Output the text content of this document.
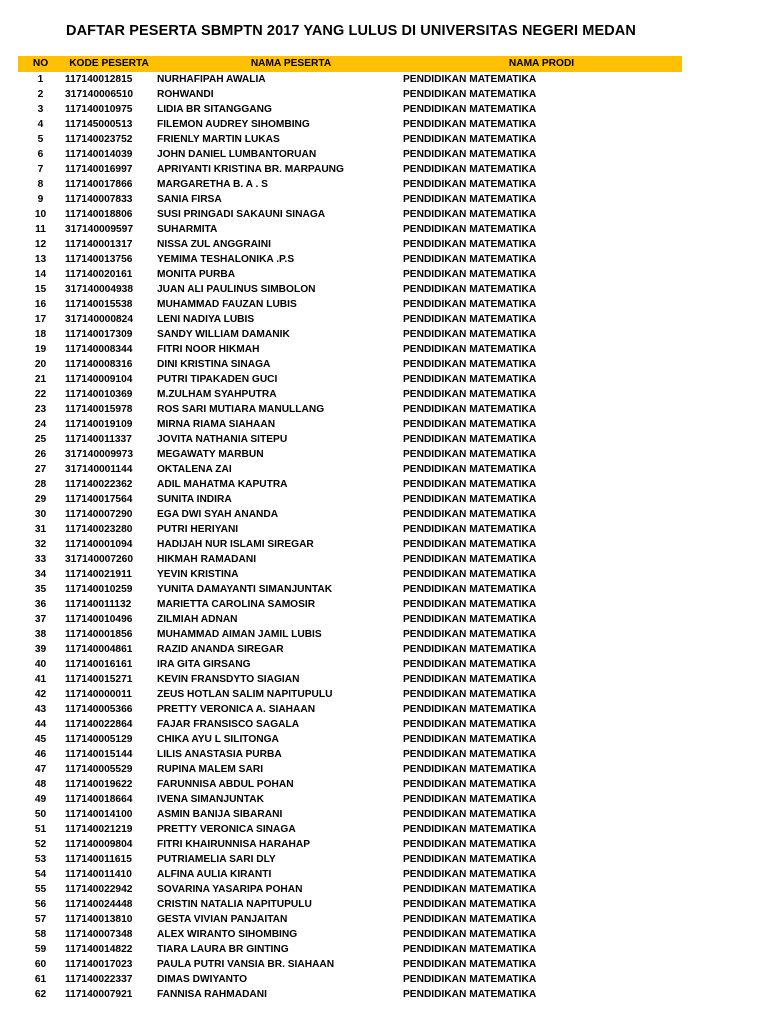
DAFTAR PESERTA SBMPTN 2017 YANG LULUS DI UNIVERSITAS NEGERI MEDAN
NO	KODE PESERTA	NAMA PESERTA	NAMA PRODI
1	117140012815	NURHAFIPAH AWALIA	PENDIDIKAN MATEMATIKA
2	317140006510	ROHWANDI	PENDIDIKAN MATEMATIKA
3	117140010975	LIDIA BR SITANGGANG	PENDIDIKAN MATEMATIKA
4	117145000513	FILEMON AUDREY SIHOMBING	PENDIDIKAN MATEMATIKA
5	117140023752	FRIENLY MARTIN LUKAS	PENDIDIKAN MATEMATIKA
6	117140014039	JOHN DANIEL LUMBANTORUAN	PENDIDIKAN MATEMATIKA
7	117140016997	APRIYANTI KRISTINA BR. MARPAUNG	PENDIDIKAN MATEMATIKA
8	117140017866	MARGARETHA B. A . S	PENDIDIKAN MATEMATIKA
9	117140007833	SANIA FIRSA	PENDIDIKAN MATEMATIKA
10	117140018806	SUSI PRINGADI SAKAUNI SINAGA	PENDIDIKAN MATEMATIKA
11	317140009597	SUHARMITA	PENDIDIKAN MATEMATIKA
12	117140001317	NISSA ZUL ANGGRAINI	PENDIDIKAN MATEMATIKA
13	117140013756	YEMIMA TESHALONIKA .P.S	PENDIDIKAN MATEMATIKA
14	117140020161	MONITA PURBA	PENDIDIKAN MATEMATIKA
15	317140004938	JUAN ALI PAULINUS SIMBOLON	PENDIDIKAN MATEMATIKA
16	117140015538	MUHAMMAD FAUZAN LUBIS	PENDIDIKAN MATEMATIKA
17	317140000824	LENI NADIYA LUBIS	PENDIDIKAN MATEMATIKA
18	117140017309	SANDY WILLIAM DAMANIK	PENDIDIKAN MATEMATIKA
19	117140008344	FITRI NOOR HIKMAH	PENDIDIKAN MATEMATIKA
20	117140008316	DINI KRISTINA SINAGA	PENDIDIKAN MATEMATIKA
21	117140009104	PUTRI TIPAKADEN GUCI	PENDIDIKAN MATEMATIKA
22	117140010369	M.ZULHAM SYAHPUTRA	PENDIDIKAN MATEMATIKA
23	117140015978	ROS SARI MUTIARA MANULLANG	PENDIDIKAN MATEMATIKA
24	117140019109	MIRNA RIAMA SIAHAAN	PENDIDIKAN MATEMATIKA
25	117140011337	JOVITA NATHANIA SITEPU	PENDIDIKAN MATEMATIKA
26	317140009973	MEGAWATY MARBUN	PENDIDIKAN MATEMATIKA
27	317140001144	OKTALENA ZAI	PENDIDIKAN MATEMATIKA
28	117140022362	ADIL MAHATMA KAPUTRA	PENDIDIKAN MATEMATIKA
29	117140017564	SUNITA INDIRA	PENDIDIKAN MATEMATIKA
30	117140007290	EGA DWI SYAH ANANDA	PENDIDIKAN MATEMATIKA
31	117140023280	PUTRI HERIYANI	PENDIDIKAN MATEMATIKA
32	117140001094	HADIJAH NUR ISLAMI SIREGAR	PENDIDIKAN MATEMATIKA
33	317140007260	HIKMAH RAMADANI	PENDIDIKAN MATEMATIKA
34	117140021911	YEVIN KRISTINA	PENDIDIKAN MATEMATIKA
35	117140010259	YUNITA DAMAYANTI SIMANJUNTAK	PENDIDIKAN MATEMATIKA
36	117140011132	MARIETTA CAROLINA SAMOSIR	PENDIDIKAN MATEMATIKA
37	117140010496	ZILMIAH ADNAN	PENDIDIKAN MATEMATIKA
38	117140001856	MUHAMMAD AIMAN JAMIL LUBIS	PENDIDIKAN MATEMATIKA
39	117140004861	RAZID ANANDA SIREGAR	PENDIDIKAN MATEMATIKA
40	117140016161	IRA GITA GIRSANG	PENDIDIKAN MATEMATIKA
41	117140015271	KEVIN FRANSDYTO SIAGIAN	PENDIDIKAN MATEMATIKA
42	117140000011	ZEUS HOTLAN SALIM NAPITUPULU	PENDIDIKAN MATEMATIKA
43	117140005366	PRETTY VERONICA A. SIAHAAN	PENDIDIKAN MATEMATIKA
44	117140022864	FAJAR FRANSISCO SAGALA	PENDIDIKAN MATEMATIKA
45	117140005129	CHIKA AYU L SILITONGA	PENDIDIKAN MATEMATIKA
46	117140015144	LILIS ANASTASIA PURBA	PENDIDIKAN MATEMATIKA
47	117140005529	RUPINA MALEM SARI	PENDIDIKAN MATEMATIKA
48	117140019622	FARUNNISA ABDUL POHAN	PENDIDIKAN MATEMATIKA
49	117140018664	IVENA SIMANJUNTAK	PENDIDIKAN MATEMATIKA
50	117140014100	ASMIN BANIJA SIBARANI	PENDIDIKAN MATEMATIKA
51	117140021219	PRETTY VERONICA SINAGA	PENDIDIKAN MATEMATIKA
52	117140009804	FITRI KHAIRUNNISA HARAHAP	PENDIDIKAN MATEMATIKA
53	117140011615	PUTRIAMELIA SARI DLY	PENDIDIKAN MATEMATIKA
54	117140011410	ALFINA AULIA KIRANTI	PENDIDIKAN MATEMATIKA
55	117140022942	SOVARINA YASARIPA POHAN	PENDIDIKAN MATEMATIKA
56	117140024448	CRISTIN NATALIA NAPITUPULU	PENDIDIKAN MATEMATIKA
57	117140013810	GESTA VIVIAN PANJAITAN	PENDIDIKAN MATEMATIKA
58	117140007348	ALEX WIRANTO SIHOMBING	PENDIDIKAN MATEMATIKA
59	117140014822	TIARA LAURA BR GINTING	PENDIDIKAN MATEMATIKA
60	117140017023	PAULA PUTRI VANSIA BR. SIAHAAN	PENDIDIKAN MATEMATIKA
61	117140022337	DIMAS DWIYANTO	PENDIDIKAN MATEMATIKA
62	117140007921	FANNISA RAHMADANI	PENDIDIKAN MATEMATIKA
